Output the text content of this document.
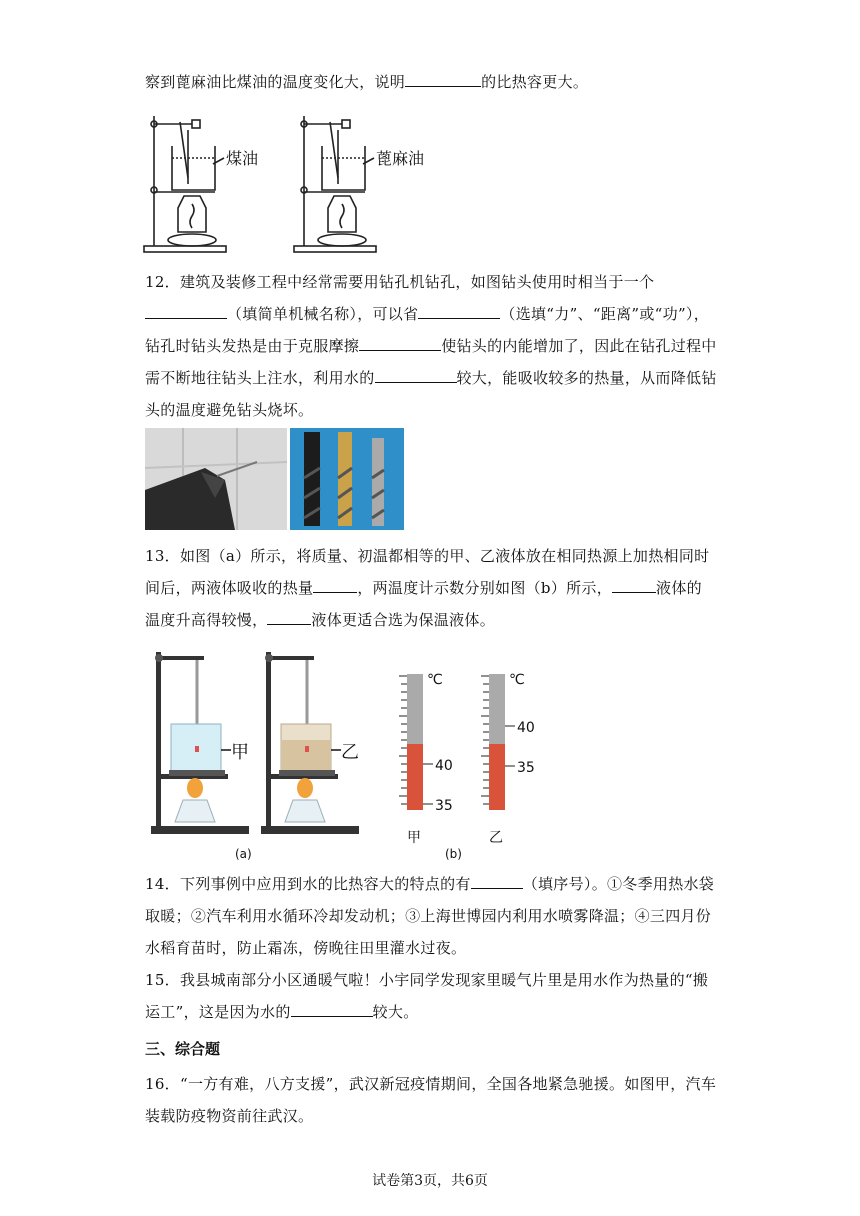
察到蓖麻油比煤油的温度变化大，说明	的比热容更大。
煤油	蓖麻油
12．建筑及装修工程中经常需要用钻孔机钻孔，如图钻头使用时相当于一个（填简单机械名称），可以省	（选填“力”、“距离”或“功”），钻孔时钻头发热是由于克服摩擦	使钻头的内能增加了，因此在钻孔过程中需不断地往钻头上注水，利用水的	较大，能吸收较多的热量，从而降低钻头的温度避免钻头烧坏。
13．如图（a）所示，将质量、初温都相等的甲、乙液体放在相同热源上加热相同时间后，两液体吸收的热量	，两温度计示数分别如图（b）所示，	液体的温度升高得较慢，	液体更适合选为保温液体。
甲	乙
℃
40
35
甲
℃
40
35
乙
(a)	(b)
14．下列事例中应用到水的比热容大的特点的有	（填序号）。①冬季用热水袋取暖；②汽车利用水循环冷却发动机；③上海世博园内利用水喷雾降温；④三四月份水稻育苗时，防止霜冻，傍晚往田里灌水过夜。
15．我县城南部分小区通暖气啦！小宇同学发现家里暖气片里是用水作为热量的“搬运工”，这是因为水的	较大。
三、综合题
16．“一方有难，八方支援”，武汉新冠疫情期间，全国各地紧急驰援。如图甲，汽车装载防疫物资前往武汉。
试卷第3页，共6页
